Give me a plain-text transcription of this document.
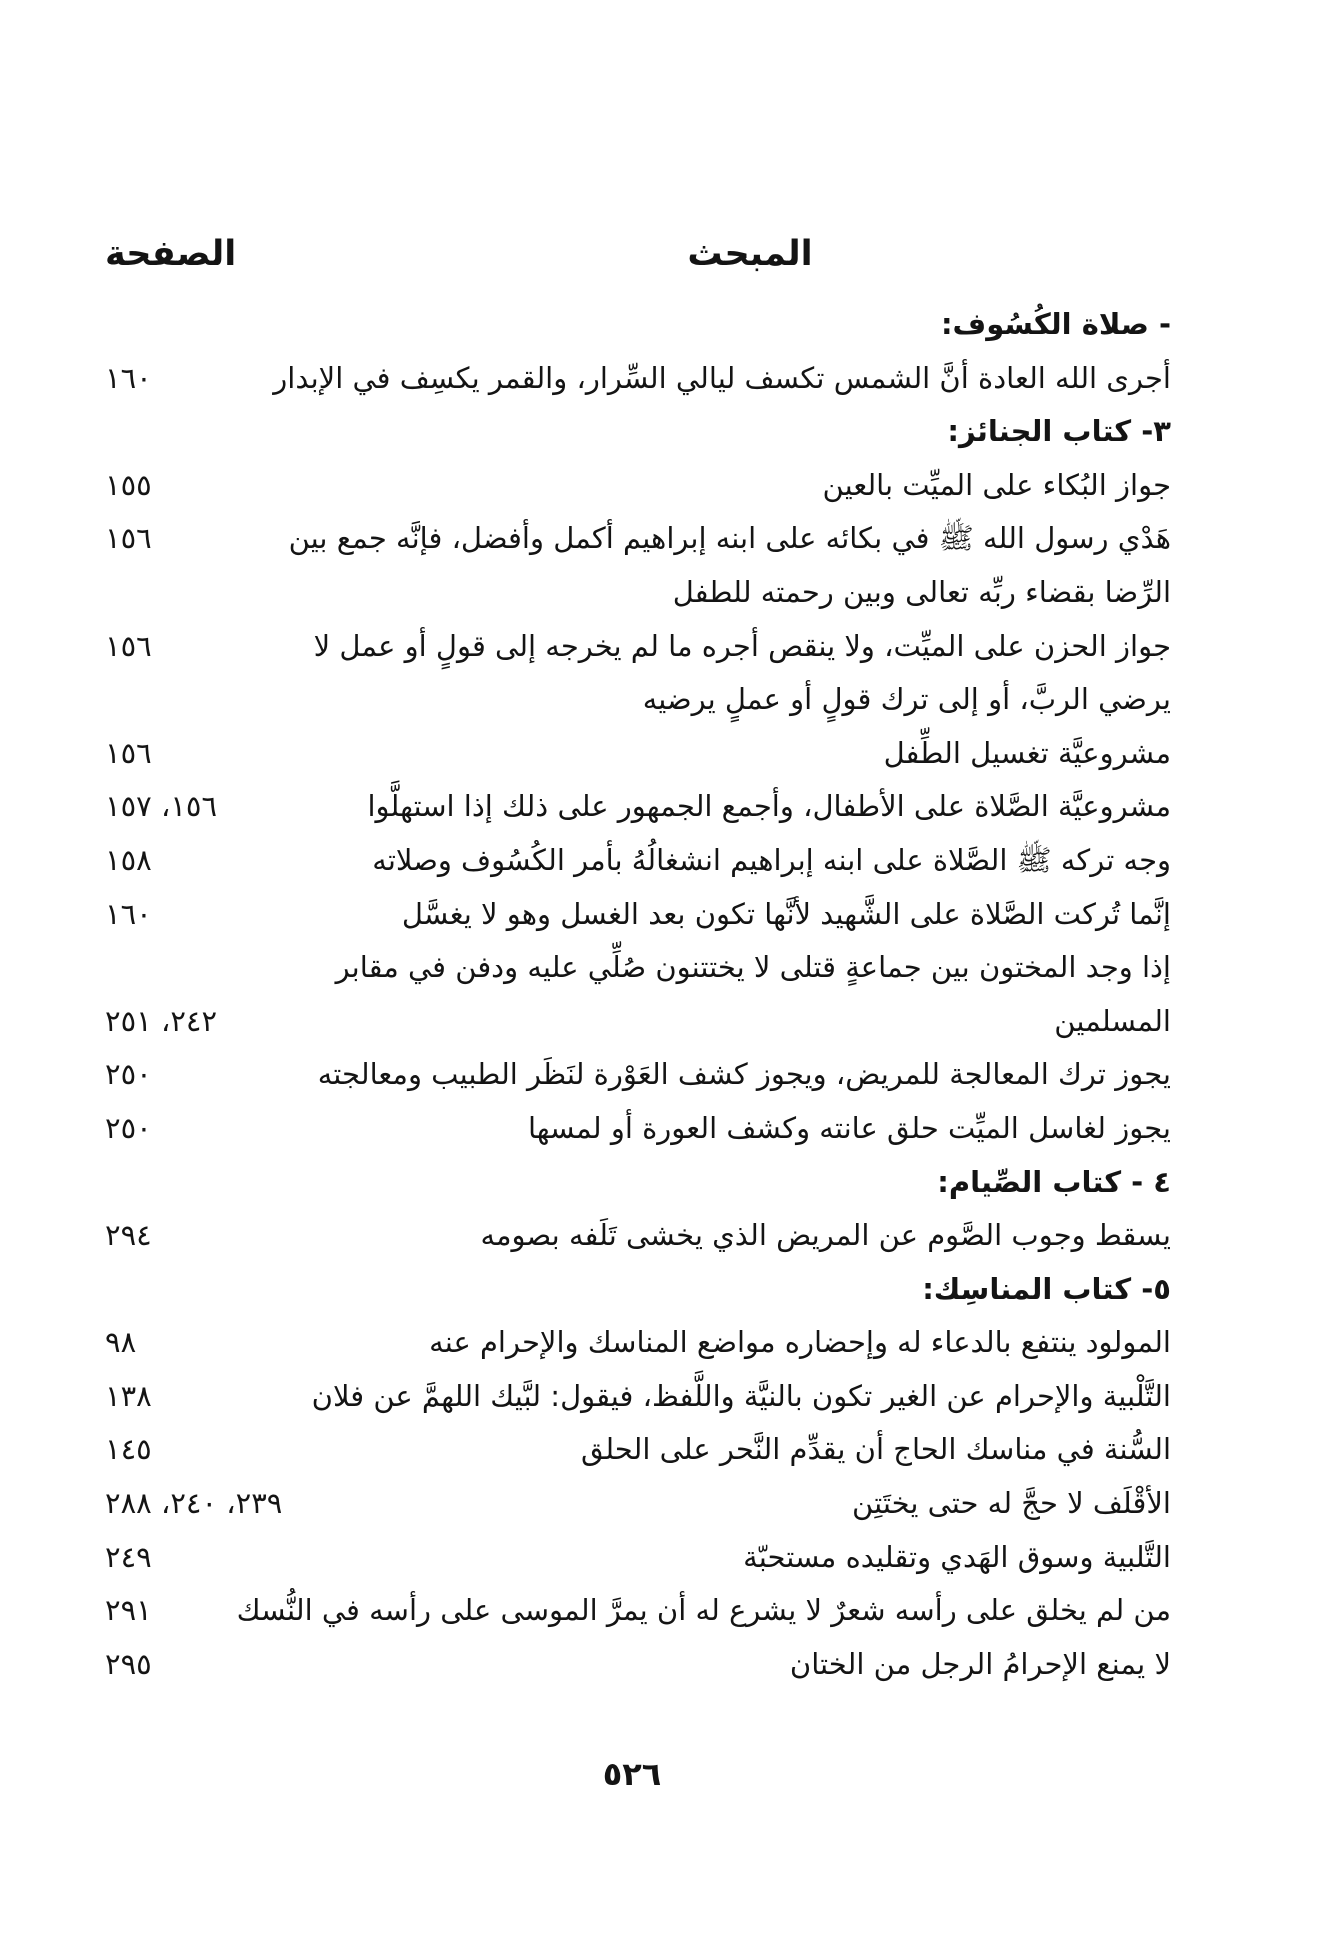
المبحث
الصفحة
- صلاة الكُسُوف:
أجرى الله العادة أنَّ الشمس تكسف ليالي السِّرار، والقمر يكسِف في الإبدار
١٦٠
٣- كتاب الجنائز:
جواز البُكاء على الميِّت بالعين
١٥٥
هَدْي رسول الله ﷺ في بكائه على ابنه إبراهيم أكمل وأفضل، فإنَّه جمع بين
١٥٦
الرِّضا بقضاء ربِّه تعالى وبين رحمته للطفل
جواز الحزن على الميِّت، ولا ينقص أجره ما لم يخرجه إلى قولٍ أو عمل لا
١٥٦
يرضي الربَّ، أو إلى ترك قولٍ أو عملٍ يرضيه
مشروعيَّة تغسيل الطِّفل
١٥٦
مشروعيَّة الصَّلاة على الأطفال، وأجمع الجمهور على ذلك إذا استهلَّوا
١٥٦، ١٥٧
وجه تركه ﷺ الصَّلاة على ابنه إبراهيم انشغالُهُ بأمر الكُسُوف وصلاته
١٥٨
إنَّما تُركت الصَّلاة على الشَّهيد لأنَّها تكون بعد الغسل وهو لا يغسَّل
١٦٠
إذا وجد المختون بين جماعةٍ قتلى لا يختتنون صُلِّي عليه ودفن في مقابر
المسلمين
٢٤٢، ٢٥١
يجوز ترك المعالجة للمريض، ويجوز كشف العَوْرة لنَظَر الطبيب ومعالجته
٢٥٠
يجوز لغاسل الميِّت حلق عانته وكشف العورة أو لمسها
٢٥٠
٤ - كتاب الصِّيام:
يسقط وجوب الصَّوم عن المريض الذي يخشى تَلَفه بصومه
٢٩٤
٥- كتاب المناسِك:
المولود ينتفع بالدعاء له وإحضاره مواضع المناسك والإحرام عنه
٩٨
التَّلْبية والإحرام عن الغير تكون بالنيَّة واللَّفظ، فيقول: لبَّيك اللهمَّ عن فلان
١٣٨
السُّنة في مناسك الحاج أن يقدِّم النَّحر على الحلق
١٤٥
الأقْلَف لا حجَّ له حتى يختَتِن
٢٣٩، ٢٤٠، ٢٨٨
التَّلبية وسوق الهَدي وتقليده مستحبّة
٢٤٩
من لم يخلق على رأسه شعرٌ لا يشرع له أن يمرَّ الموسى على رأسه في النُّسك
٢٩١
لا يمنع الإحرامُ الرجل من الختان
٢٩٥
٥٢٦
